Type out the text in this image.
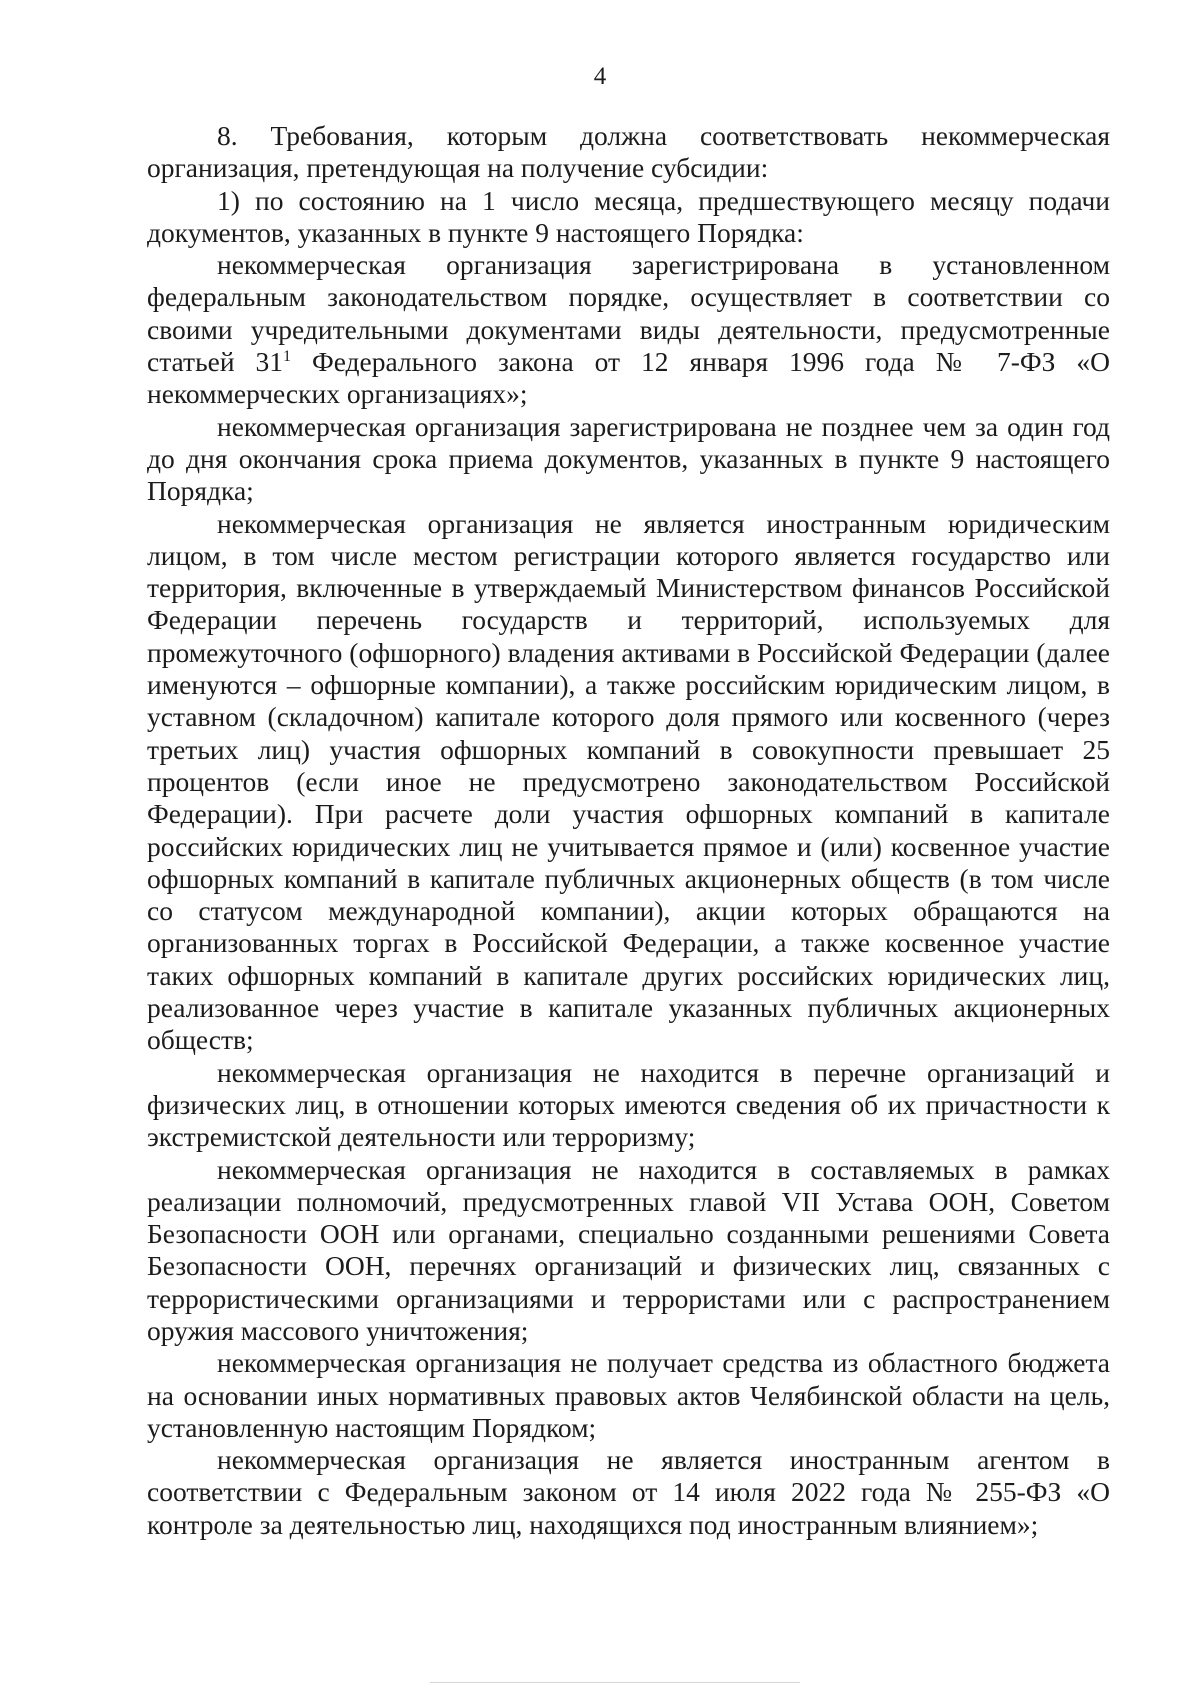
4

8. Требования, которым должна соответствовать некоммерческая организация, претендующая на получение субсидии:

1) по состоянию на 1 число месяца, предшествующего месяцу подачи документов, указанных в пункте 9 настоящего Порядка:

некоммерческая организация зарегистрирована в установленном федеральным законодательством порядке, осуществляет в соответствии со своими учредительными документами виды деятельности, предусмотренные статьей $31^1$ Федерального закона от 12 января 1996 года № 7-ФЗ «О некоммерческих организациях»;

некоммерческая организация зарегистрирована не позднее чем за один год до дня окончания срока приема документов, указанных в пункте 9 настоящего Порядка;

некоммерческая организация не является иностранным юридическим лицом, в том числе местом регистрации которого является государство или территория, включенные в утверждаемый Министерством финансов Российской Федерации перечень государств и территорий, используемых для промежуточного (офшорного) владения активами в Российской Федерации (далее именуются – офшорные компании), а также российским юридическим лицом, в уставном (складочном) капитале которого доля прямого или косвенного (через третьих лиц) участия офшорных компаний в совокупности превышает 25 процентов (если иное не предусмотрено законодательством Российской Федерации). При расчете доли участия офшорных компаний в капитале российских юридических лиц не учитывается прямое и (или) косвенное участие офшорных компаний в капитале публичных акционерных обществ (в том числе со статусом международной компании), акции которых обращаются на организованных торгах в Российской Федерации, а также косвенное участие таких офшорных компаний в капитале других российских юридических лиц, реализованное через участие в капитале указанных публичных акционерных обществ;

некоммерческая организация не находится в перечне организаций и физических лиц, в отношении которых имеются сведения об их причастности к экстремистской деятельности или терроризму;

некоммерческая организация не находится в составляемых в рамках реализации полномочий, предусмотренных главой VII Устава ООН, Советом Безопасности ООН или органами, специально созданными решениями Совета Безопасности ООН, перечнях организаций и физических лиц, связанных с террористическими организациями и террористами или с распространением оружия массового уничтожения;

некоммерческая организация не получает средства из областного бюджета на основании иных нормативных правовых актов Челябинской области на цель, установленную настоящим Порядком;

некоммерческая организация не является иностранным агентом в соответствии с Федеральным законом от 14 июля 2022 года № 255-ФЗ «О контроле за деятельностью лиц, находящихся под иностранным влиянием»;
